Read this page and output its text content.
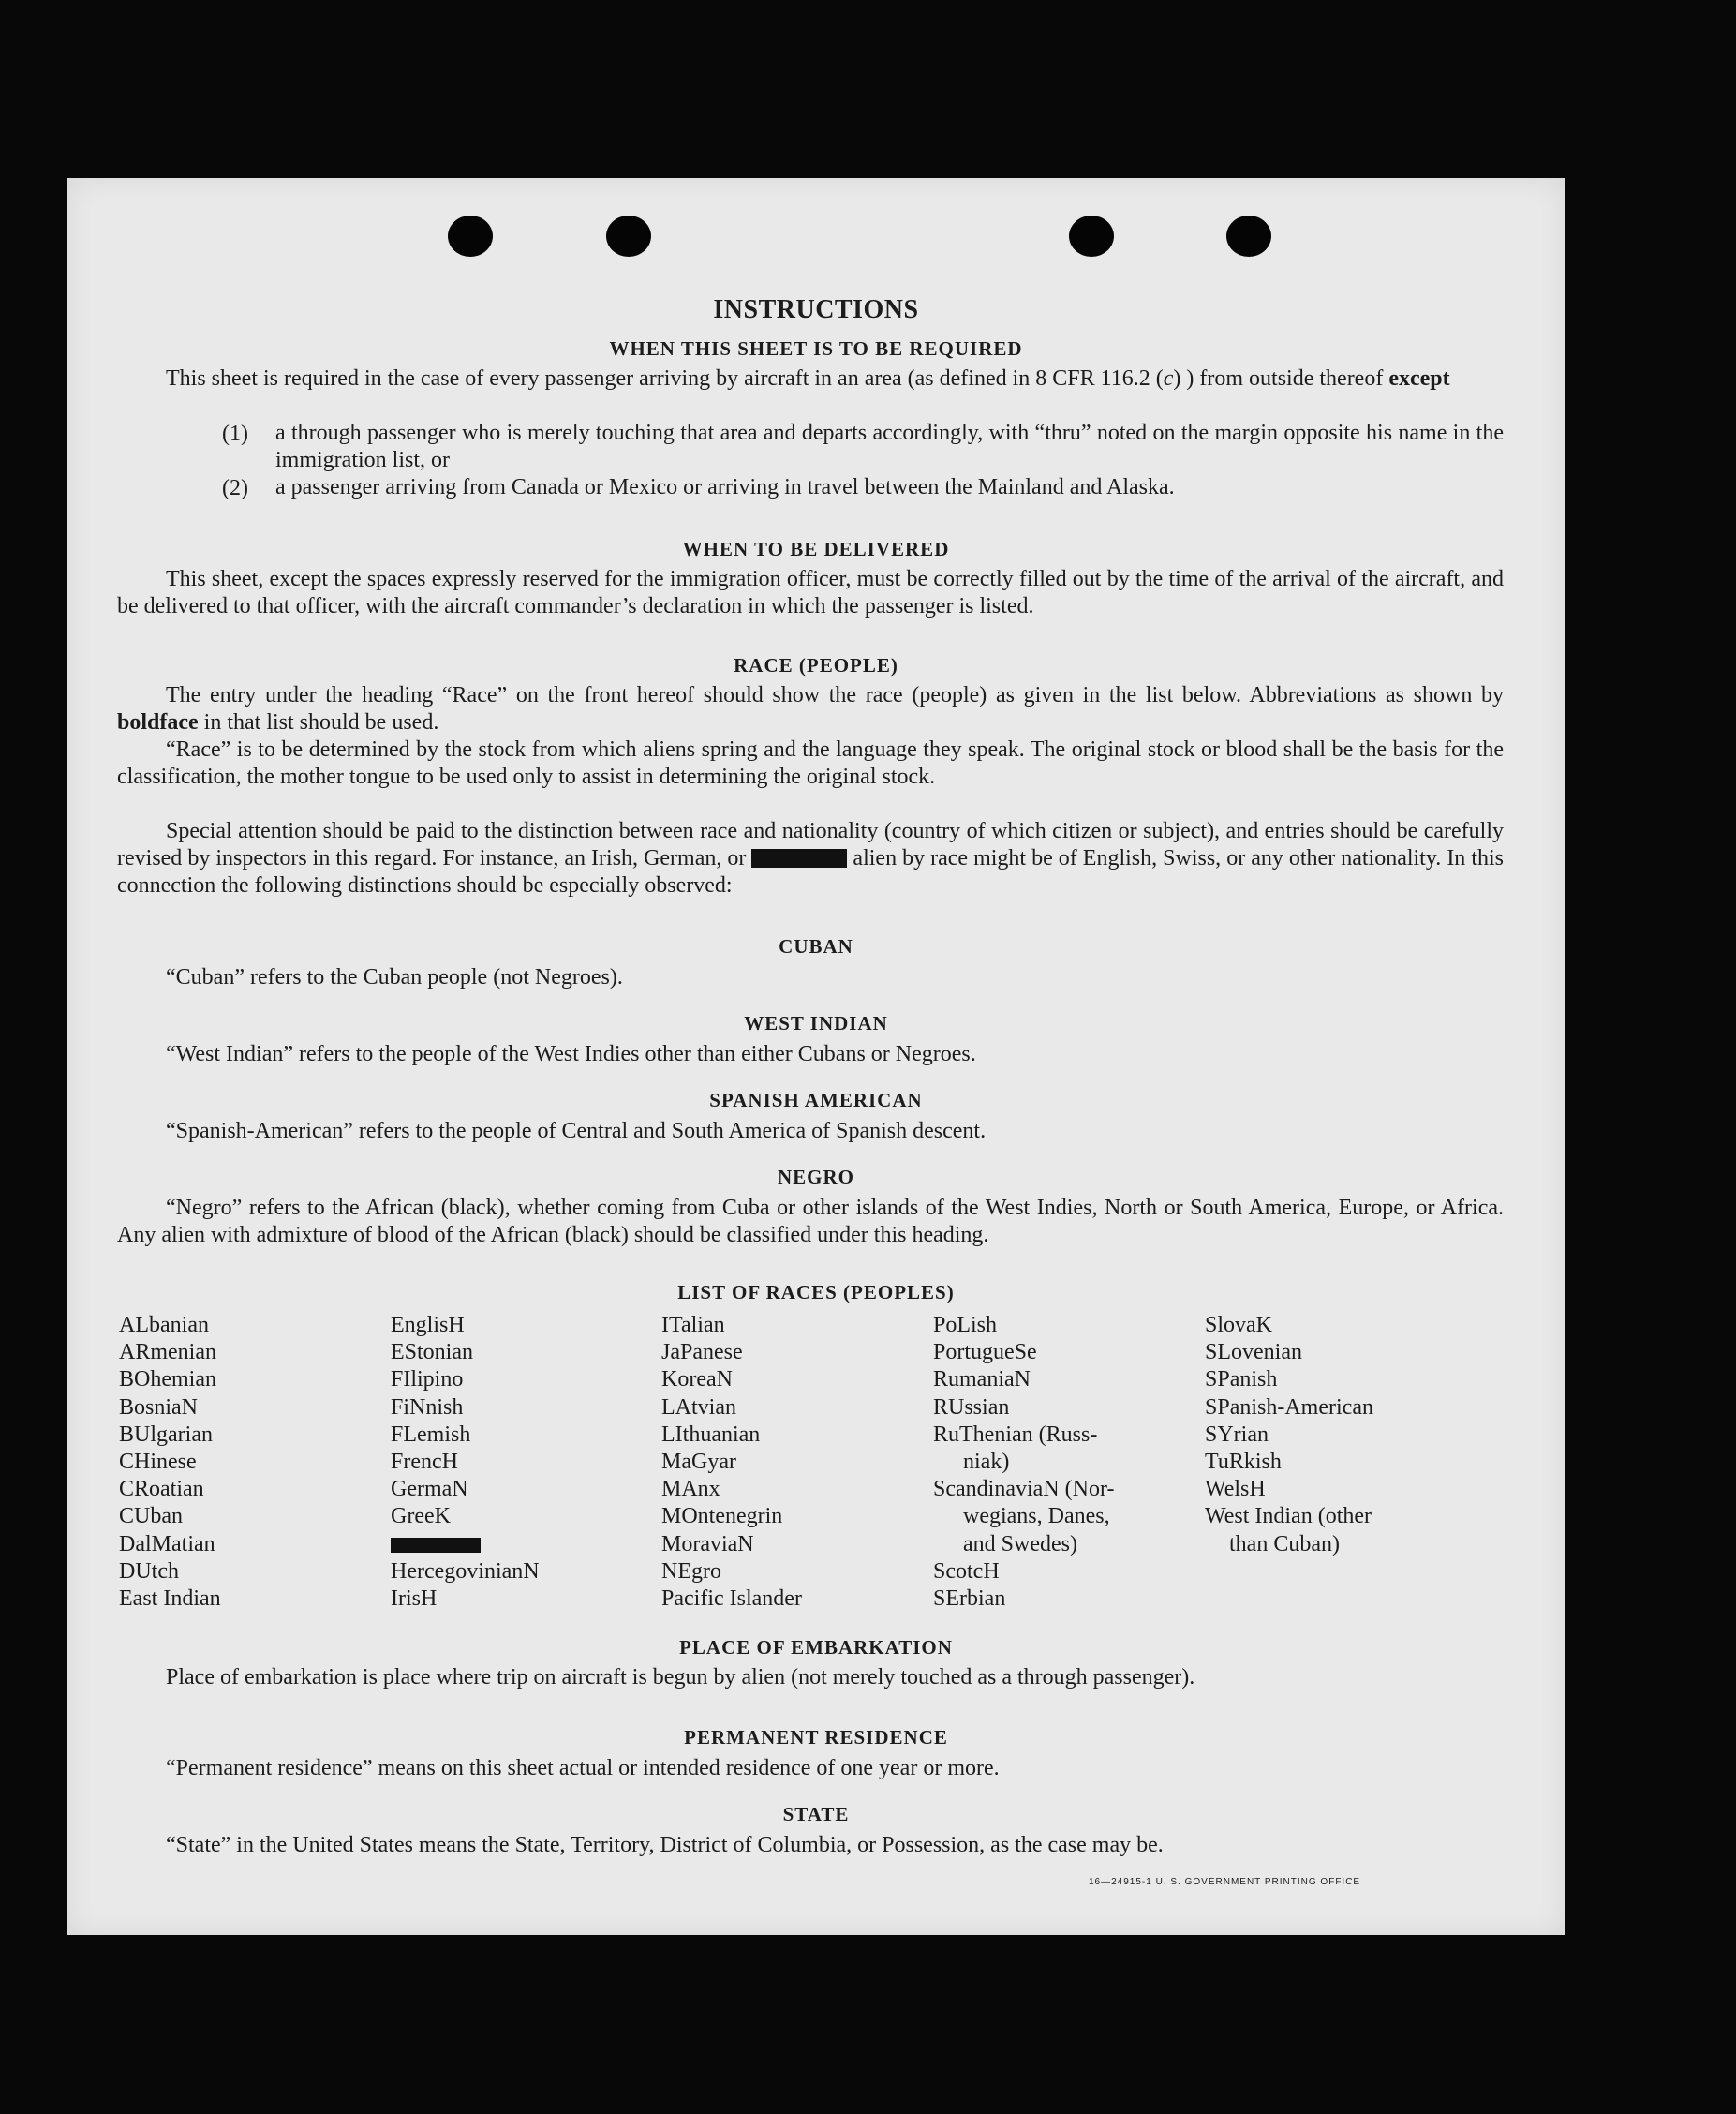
INSTRUCTIONS
WHEN THIS SHEET IS TO BE REQUIRED
This sheet is required in the case of every passenger arriving by aircraft in an area (as defined in 8 CFR 116.2 (c) ) from outside thereof except
(1) a through passenger who is merely touching that area and departs accordingly, with “thru” noted on the margin opposite his name in the immigration list, or
(2) a passenger arriving from Canada or Mexico or arriving in travel between the Mainland and Alaska.
WHEN TO BE DELIVERED
This sheet, except the spaces expressly reserved for the immigration officer, must be correctly filled out by the time of the arrival of the aircraft, and be delivered to that officer, with the aircraft commander’s declaration in which the passenger is listed.
RACE (PEOPLE)
The entry under the heading “Race” on the front hereof should show the race (people) as given in the list below. Abbreviations as shown by boldface in that list should be used.
“Race” is to be determined by the stock from which aliens spring and the language they speak. The original stock or blood shall be the basis for the classification, the mother tongue to be used only to assist in determining the original stock.
Special attention should be paid to the distinction between race and nationality (country of which citizen or subject), and entries should be carefully revised by inspectors in this regard. For instance, an Irish, German, or	alien by race might be of English, Swiss, or any other nationality. In this connection the following distinctions should be especially observed:
CUBAN
“Cuban” refers to the Cuban people (not Negroes).
WEST INDIAN
“West Indian” refers to the people of the West Indies other than either Cubans or Negroes.
SPANISH AMERICAN
“Spanish-American” refers to the people of Central and South America of Spanish descent.
NEGRO
“Negro” refers to the African (black), whether coming from Cuba or other islands of the West Indies, North or South America, Europe, or Africa. Any alien with admixture of blood of the African (black) should be classified under this heading.
LIST OF RACES (PEOPLES)
ALbanian
ARmenian
BOhemian
BosniaN
BUlgarian
CHinese
CRoatian
CUban
DalMatian
DUtch
East Indian
EnglisH
EStonian
FIlipino
FiNnish
FLemish
FrencH
GermaN
GreeK
HercegovinianN
IrisH
ITalian
JaPanese
KoreaN
LAtvian
LIthuanian
MaGyar
MAnx
MOntenegrin
MoraviaN
NEgro
Pacific Islander
PoLish
PortugueSe
RumaniaN
RUssian
RuThenian (Russ-
niak)
ScandinaviaN (Nor-
wegians, Danes,
and Swedes)
ScotcH
SErbian
SlovaK
SLovenian
SPanish
SPanish-American
SYrian
TuRkish
WelsH
West Indian (other
than Cuban)
PLACE OF EMBARKATION
Place of embarkation is place where trip on aircraft is begun by alien (not merely touched as a through passenger).
PERMANENT RESIDENCE
“Permanent residence” means on this sheet actual or intended residence of one year or more.
STATE
“State” in the United States means the State, Territory, District of Columbia, or Possession, as the case may be.
16—24915-1 U. S. GOVERNMENT PRINTING OFFICE
